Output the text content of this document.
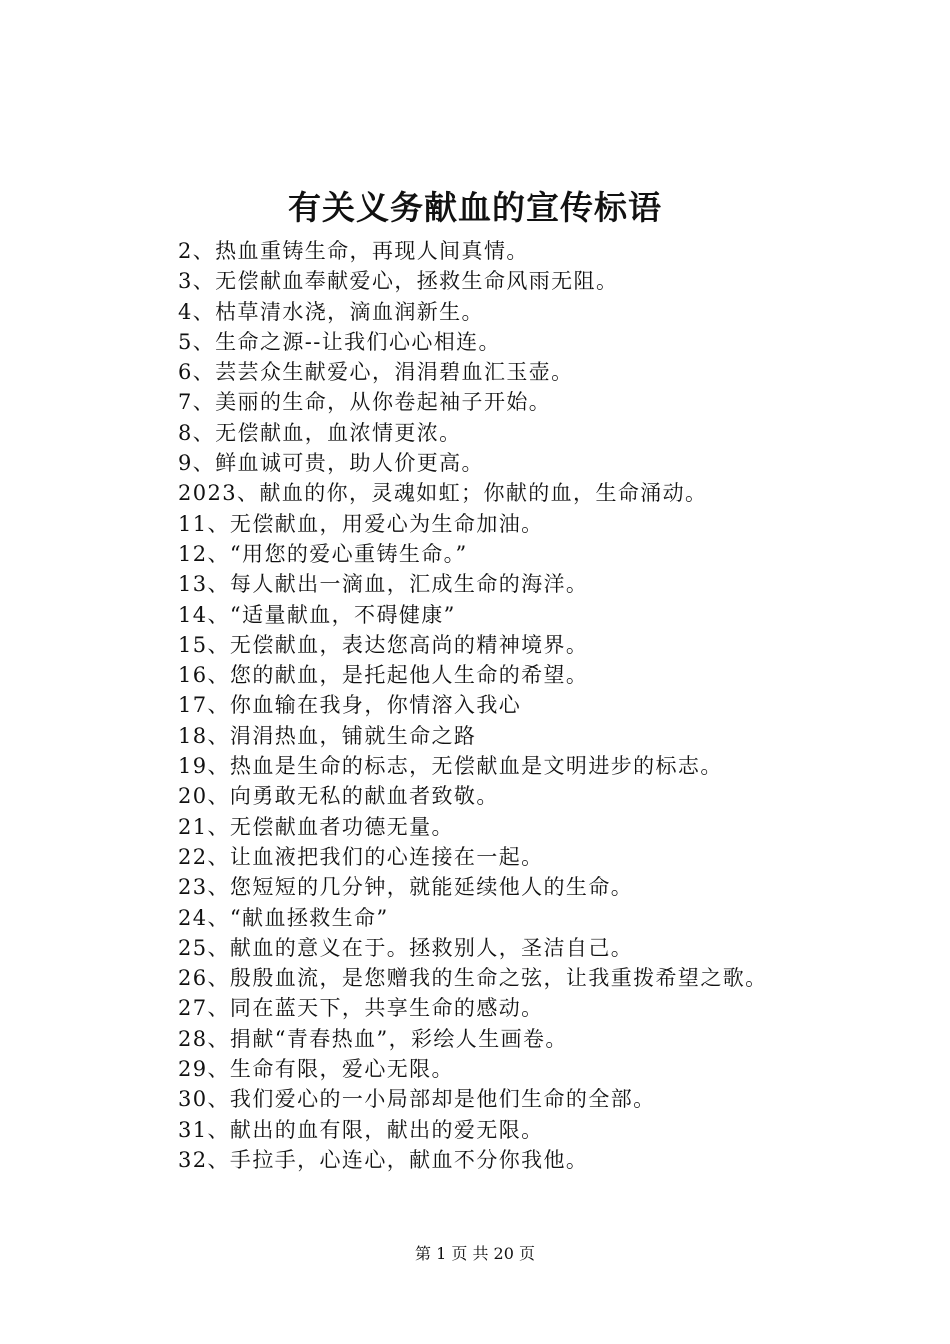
有关义务献血的宣传标语
2、热血重铸生命，再现人间真情。
3、无偿献血奉献爱心，拯救生命风雨无阻。
4、枯草清水浇，滴血润新生。
5、生命之源--让我们心心相连。
6、芸芸众生献爱心，涓涓碧血汇玉壶。
7、美丽的生命，从你卷起袖子开始。
8、无偿献血，血浓情更浓。
9、鲜血诚可贵，助人价更高。
2023、献血的你，灵魂如虹；你献的血，生命涌动。
11、无偿献血，用爱心为生命加油。
12、“用您的爱心重铸生命。”
13、每人献出一滴血，汇成生命的海洋。
14、“适量献血，不碍健康”
15、无偿献血，表达您高尚的精神境界。
16、您的献血，是托起他人生命的希望。
17、你血输在我身，你情溶入我心
18、涓涓热血，铺就生命之路
19、热血是生命的标志，无偿献血是文明进步的标志。
20、向勇敢无私的献血者致敬。
21、无偿献血者功德无量。
22、让血液把我们的心连接在一起。
23、您短短的几分钟，就能延续他人的生命。
24、“献血拯救生命”
25、献血的意义在于。拯救别人，圣洁自己。
26、殷殷血流，是您赠我的生命之弦，让我重拨希望之歌。
27、同在蓝天下，共享生命的感动。
28、捐献“青春热血”，彩绘人生画卷。
29、生命有限，爱心无限。
30、我们爱心的一小局部却是他们生命的全部。
31、献出的血有限，献出的爱无限。
32、手拉手，心连心，献血不分你我他。
第 1 页 共 20 页
